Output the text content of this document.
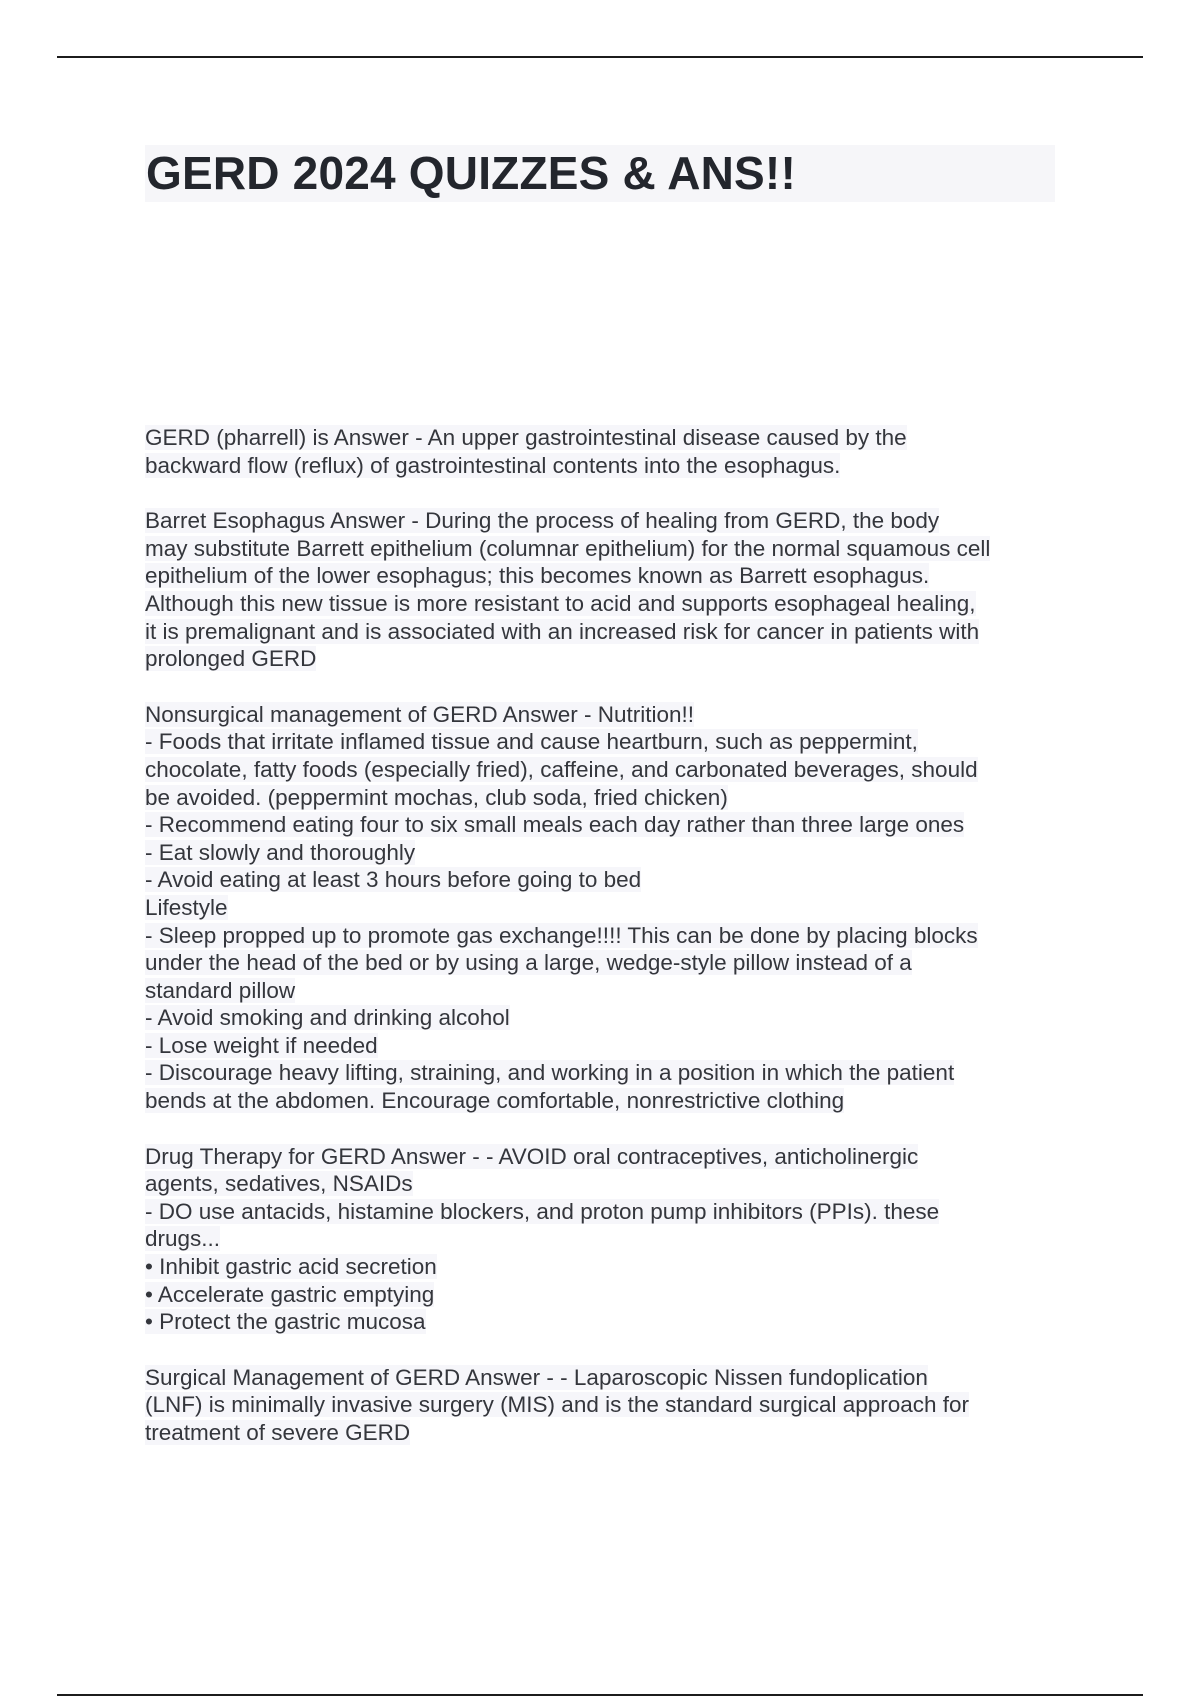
GERD 2024 QUIZZES & ANS!!
GERD (pharrell) is Answer - An upper gastrointestinal disease caused by the
backward flow (reflux) of gastrointestinal contents into the esophagus.
Barret Esophagus Answer - During the process of healing from GERD, the body
may substitute Barrett epithelium (columnar epithelium) for the normal squamous cell
epithelium of the lower esophagus; this becomes known as Barrett esophagus.
Although this new tissue is more resistant to acid and supports esophageal healing,
it is premalignant and is associated with an increased risk for cancer in patients with
prolonged GERD
Nonsurgical management of GERD Answer - Nutrition!!
- Foods that irritate inflamed tissue and cause heartburn, such as peppermint,
chocolate, fatty foods (especially fried), caffeine, and carbonated beverages, should
be avoided. (peppermint mochas, club soda, fried chicken)
- Recommend eating four to six small meals each day rather than three large ones
- Eat slowly and thoroughly
- Avoid eating at least 3 hours before going to bed
Lifestyle
- Sleep propped up to promote gas exchange!!!! This can be done by placing blocks
under the head of the bed or by using a large, wedge-style pillow instead of a
standard pillow
- Avoid smoking and drinking alcohol
- Lose weight if needed
- Discourage heavy lifting, straining, and working in a position in which the patient
bends at the abdomen. Encourage comfortable, nonrestrictive clothing
Drug Therapy for GERD Answer - - AVOID oral contraceptives, anticholinergic
agents, sedatives, NSAIDs
- DO use antacids, histamine blockers, and proton pump inhibitors (PPIs). these
drugs...
• Inhibit gastric acid secretion
• Accelerate gastric emptying
• Protect the gastric mucosa
Surgical Management of GERD Answer - - Laparoscopic Nissen fundoplication
(LNF) is minimally invasive surgery (MIS) and is the standard surgical approach for
treatment of severe GERD
